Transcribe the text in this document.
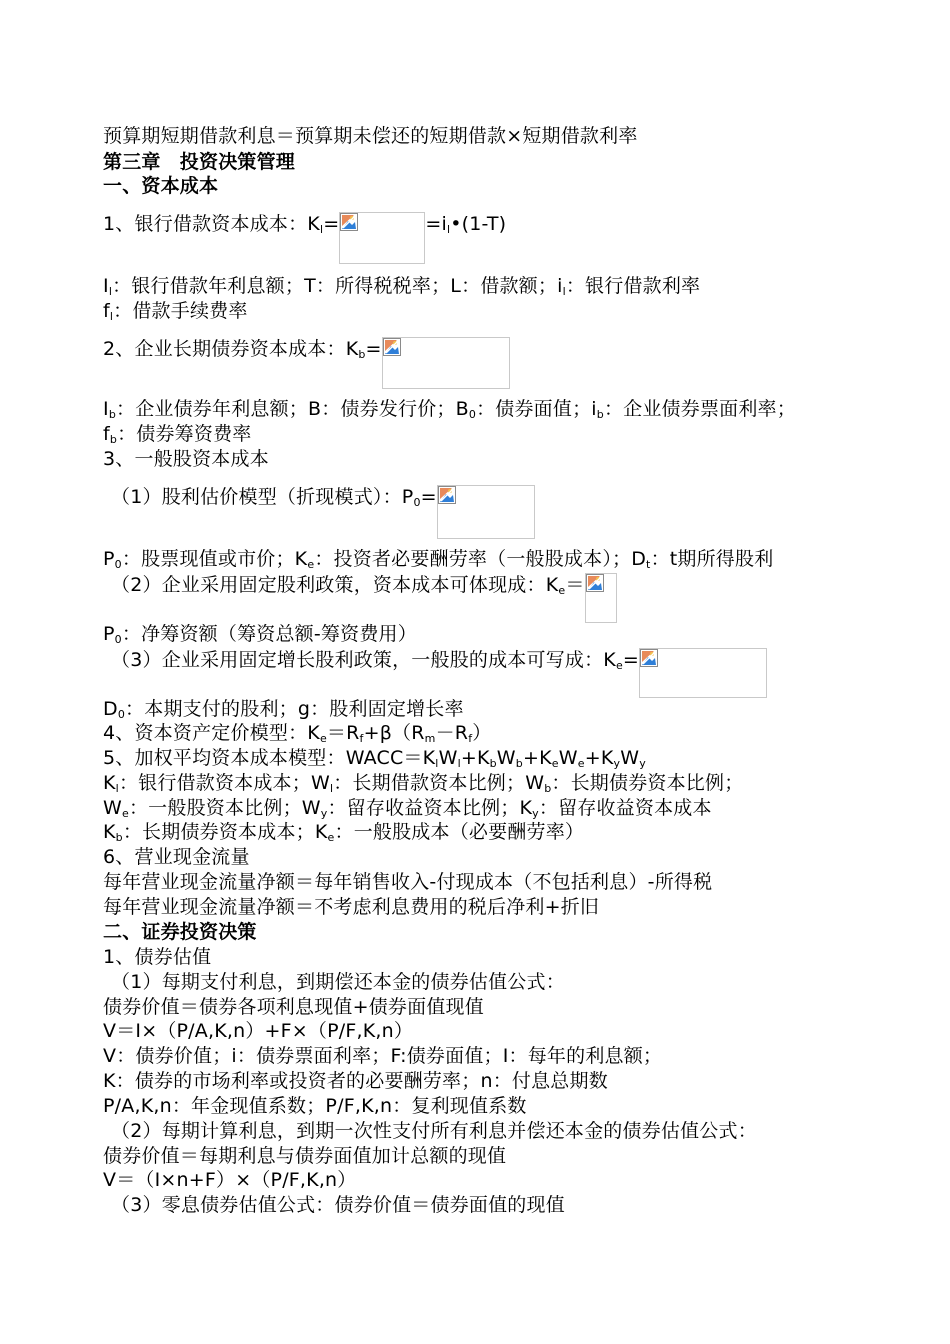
预算期短期借款利息＝预算期未偿还的短期借款×短期借款利率
第三章　投资决策管理
一、资本成本
1、银行借款资本成本：$K_l=$	$=i_l•(1-T)$
$I_l$：银行借款年利息额；T：所得税税率；L：借款额；$i_l$：银行借款利率
$f_l$：借款手续费率
2、企业长期债券资本成本：$K_b=$
$I_b$：企业债券年利息额；B：债券发行价；$B_0$：债券面值；$i_b$：企业债券票面利率；
$f_b$：债券筹资费率
3、一般股资本成本
（1）股利估价模型（折现模式）：$P_0=$
$P_0$：股票现值或市价；$K_e$：投资者必要酬劳率（一般股成本）；$D_t$：t期所得股利
（2）企业采用固定股利政策，资本成本可体现成：$K_e=$
$P_0$：净筹资额（筹资总额-筹资费用）
（3）企业采用固定增长股利政策，一般股的成本可写成：$K_e=$
$D_0$：本期支付的股利；g：股利固定增长率
4、资本资产定价模型：$K_e=R_f+\beta(R_m-R_f)$
5、加权平均资本成本模型：$WACC=K_lW_l+K_bW_b+K_eW_e+K_yW_y$
$K_l$：银行借款资本成本；$W_l$：长期借款资本比例；$W_b$：长期债券资本比例；
$W_e$：一般股资本比例；$W_y$：留存收益资本比例；$K_y$：留存收益资本成本
$K_b$：长期债券资本成本；$K_e$：一般股成本（必要酬劳率）
6、营业现金流量
每年营业现金流量净额＝每年销售收入-付现成本（不包括利息）-所得税
每年营业现金流量净额＝不考虑利息费用的税后净利+折旧
二、证券投资决策
1、债券估值
（1）每期支付利息，到期偿还本金的债券估值公式：
债券价值＝债券各项利息现值+债券面值现值
V＝I×（P/A,K,n）+F×（P/F,K,n）
V：债券价值；i：债券票面利率；F:债券面值；I：每年的利息额；
K：债券的市场利率或投资者的必要酬劳率；n：付息总期数
P/A,K,n：年金现值系数；P/F,K,n：复利现值系数
（2）每期计算利息，到期一次性支付所有利息并偿还本金的债券估值公式：
债券价值＝每期利息与债券面值加计总额的现值
V＝（I×n+F）×（P/F,K,n）
（3）零息债券估值公式：债券价值＝债券面值的现值
